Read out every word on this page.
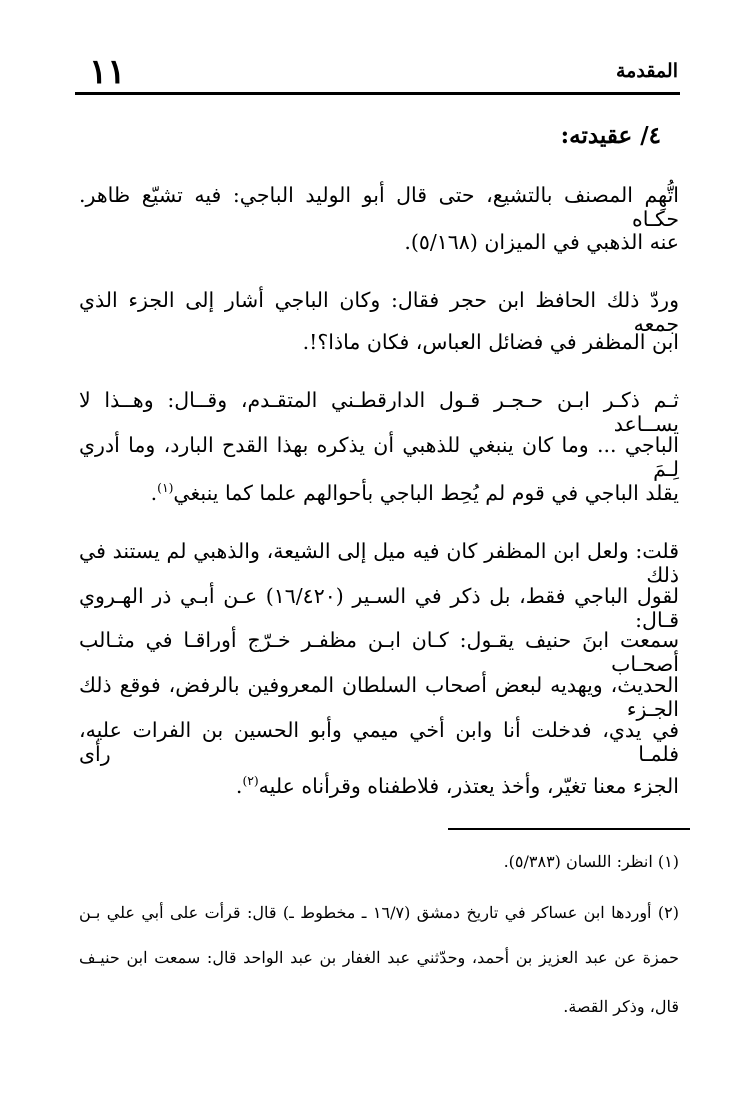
المقدمة
١١
٤/ عقيدته:
اتُّهِم المصنف بالتشيع، حتى قال أبو الوليد الباجي: فيه تشيّع ظاهر. حكـاه
عنه الذهبي في الميزان (٥/١٦٨).
وردّ ذلك الحافظ ابن حجر فقال: وكان الباجي أشار إلى الجزء الذي جمعه
ابن المظفر في فضائل العباس، فكان ماذا؟!.
ثـم ذكـر ابـن حـجـر قـول الدارقطـني المتقـدم، وقــال: وهــذا لا يســاعد
الباجي ... وما كان ينبغي للذهبي أن يذكره بهذا القدح البارد، وما أدري لِـمَ
يقلد الباجي في قوم لم يُحِط الباجي بأحوالهم علما كما ينبغي$^{(١)}$.
قلت: ولعل ابن المظفر كان فيه ميل إلى الشيعة، والذهبي لم يستند في ذلك
لقول الباجي فقط، بل ذكر في السـير (١٦/٤٢٠) عـن أبـي ذر الهـروي قـال:
سمعت ابنَ حنيف يقـول: كـان ابـن مظفـر خـرّج أوراقـا في مثـالب أصحـاب
الحديث، ويهديه لبعض أصحاب السلطان المعروفين بالرفض، فوقع ذلك الجـزء
في يدي، فدخلت أنا وابن أخي ميمي وأبو الحسين بن الفرات عليه، فلمـا رأى
الجزء معنا تغيّر، وأخذ يعتذر، فلاطفناه وقرأناه عليه$^{(٢)}$.
(١) انظر: اللسان (٥/٣٨٣).
(٢) أوردها ابن عساكر في تاريخ دمشق (١٦/٧ ـ مخطوط ـ) قال: قرأت على أبي علي بـن
حمزة عن عبد العزيز بن أحمد، وحدّثني عبد الغفار بن عبد الواحد قال: سمعت ابن حنيـف
قال، وذكر القصة.
